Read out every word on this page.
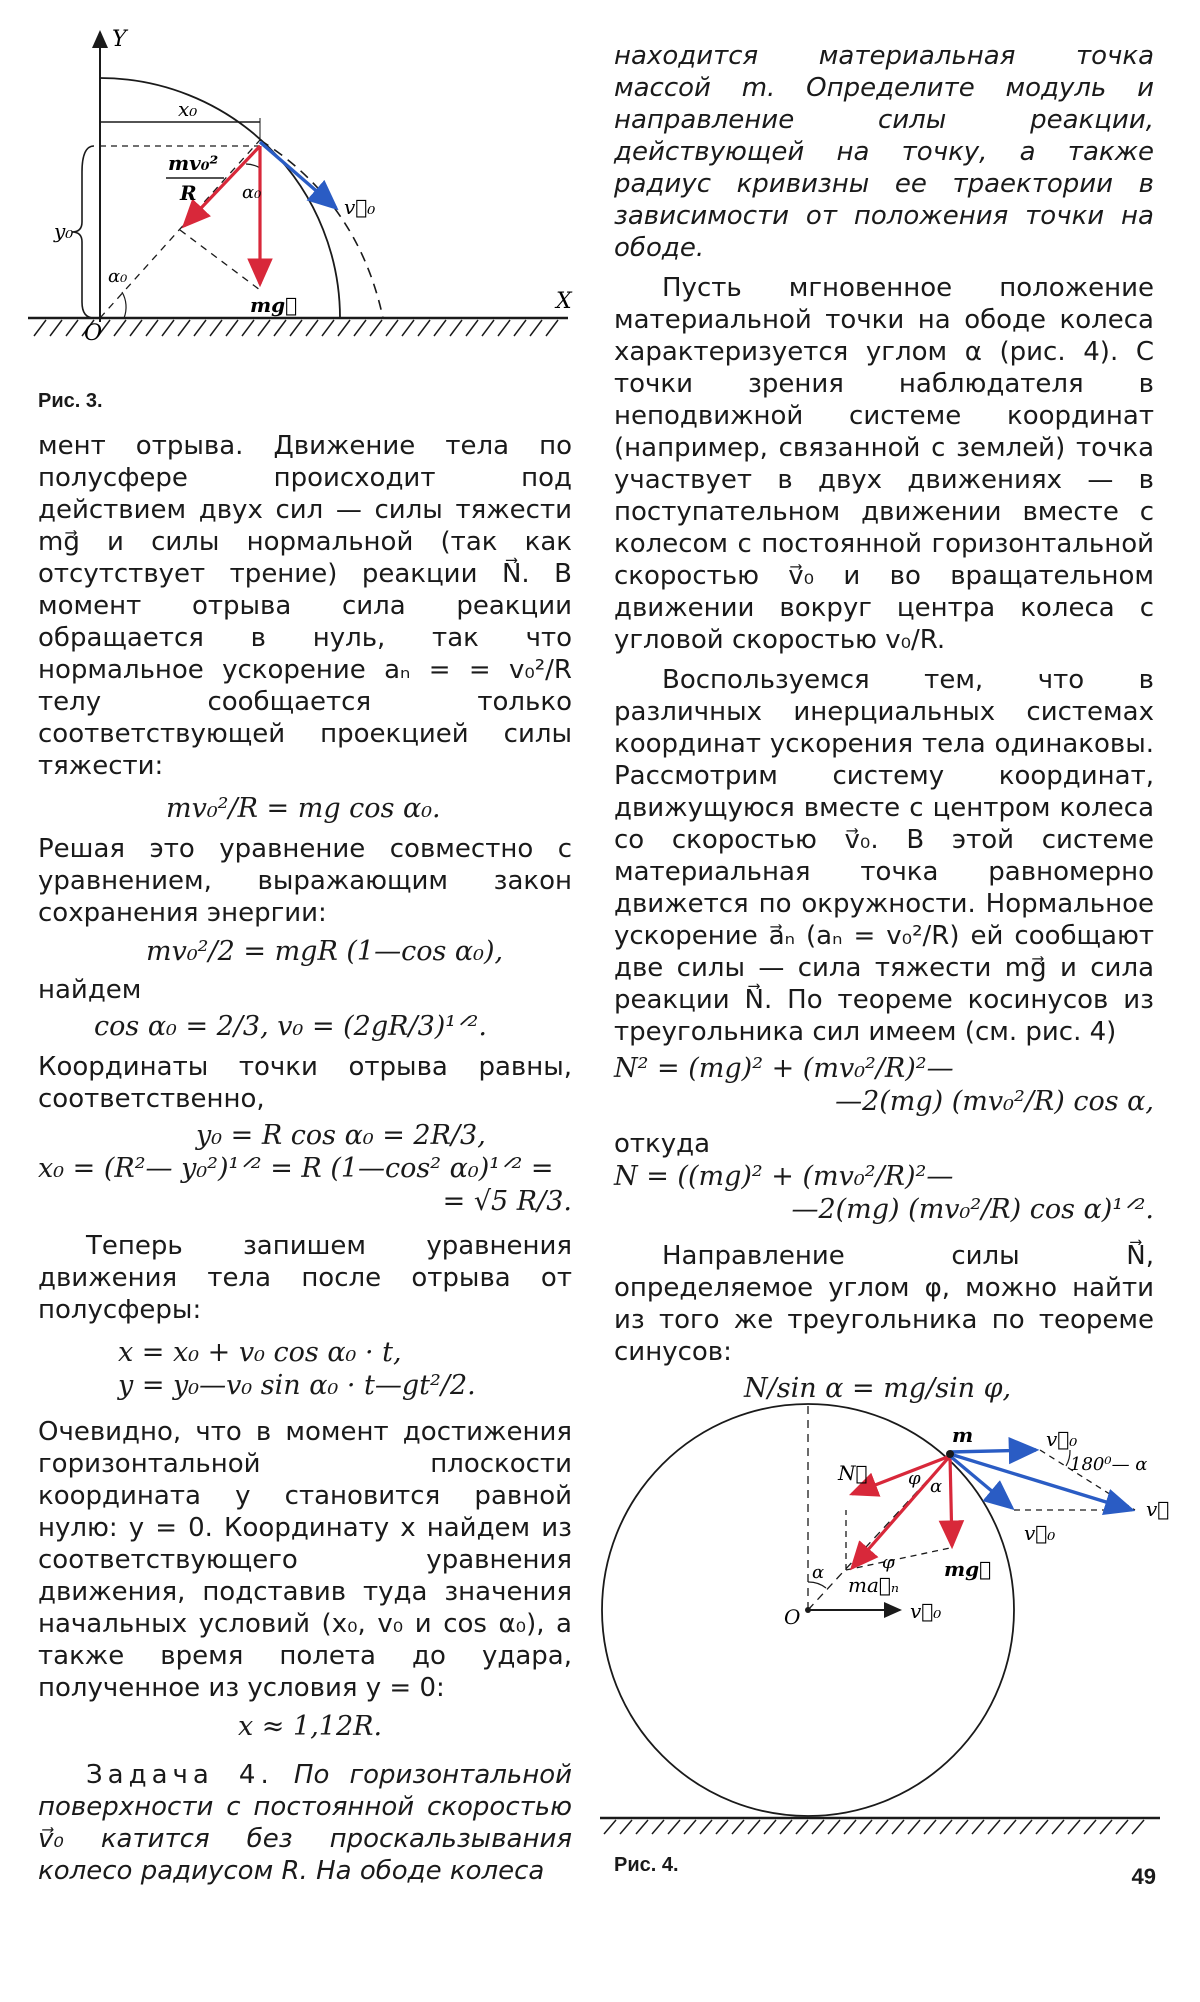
Y
X
O
x₀
y₀
α₀
α₀
mv₀²
R
mg⃗
v⃗₀
Рис. 3.

мент отрыва. Движение тела по полусфере происходит под действием двух сил — силы тяжести mg⃗ и силы нормальной (так как отсутствует трение) реакции N⃗. В момент отрыва сила реакции обращается в нуль, так что нормальное ускорение aₙ = = v₀²/R телу сообщается только соответствующей проекцией силы тяжести:

mv₀²/R = mg cos α₀.

Решая это уравнение совместно с уравнением, выражающим закон сохранения энергии:

mv₀²/2 = mgR (1—cos α₀),

найдем

cos α₀ = 2/3, v₀ = (2gR/3)¹ᐟ².

Координаты точки отрыва равны, соответственно,

y₀ = R cos α₀ = 2R/3,

x₀ = (R²— y₀²)¹ᐟ² = R (1—cos² α₀)¹ᐟ² =

= √5 R/3.

Теперь запишем уравнения движения тела после отрыва от полусферы:

x = x₀ + v₀ cos α₀ · t,

y = y₀—v₀ sin α₀ · t—gt²/2.

Очевидно, что в момент достижения горизонтальной плоскости координата y становится равной нулю: y = 0. Координату x найдем из соответствующего уравнения движения, подставив туда значения начальных условий (x₀, v₀ и cos α₀), а также время полета до удара, полученное из условия y = 0:

x ≈ 1,12R.

Задача 4. По горизонтальной поверхности с постоянной скоростью v⃗₀ катится без проскальзывания колесо радиусом R. На ободе колеса

находится материальная точка массой m. Определите модуль и направление силы реакции, действующей на точку, а также радиус кривизны ее траектории в зависимости от положения точки на ободе.

Пусть мгновенное положение материальной точки на ободе колеса характеризуется углом α (рис. 4). С точки зрения наблюдателя в неподвижной системе координат (например, связанной с землей) точка участвует в двух движениях — в поступательном движении вместе с колесом с постоянной горизонтальной скоростью v⃗₀ и во вращательном движении вокруг центра колеса с угловой скоростью v₀/R.

Воспользуемся тем, что в различных инерциальных системах координат ускорения тела одинаковы. Рассмотрим систему координат, движущуюся вместе с центром колеса со скоростью v⃗₀. В этой системе материальная точка равномерно движется по окружности. Нормальное ускорение a⃗ₙ (aₙ = v₀²/R) ей сообщают две силы — сила тяжести mg⃗ и сила реакции N⃗. По теореме косинусов из треугольника сил имеем (см. рис. 4)

N² = (mg)² + (mv₀²/R)²—

—2(mg) (mv₀²/R) cos α,

откуда

N = ((mg)² + (mv₀²/R)²—

—2(mg) (mv₀²/R) cos α)¹ᐟ².

Направление силы N⃗, определяемое углом φ, можно найти из того же треугольника по теореме синусов:

N/sin α = mg/sin φ,

m
N⃗ φ α
φ
α	mg⃗
ma⃗ₙ
O	v⃗₀
v⃗₀
180⁰— α
v⃗₀
v⃗
Рис. 4.	49
